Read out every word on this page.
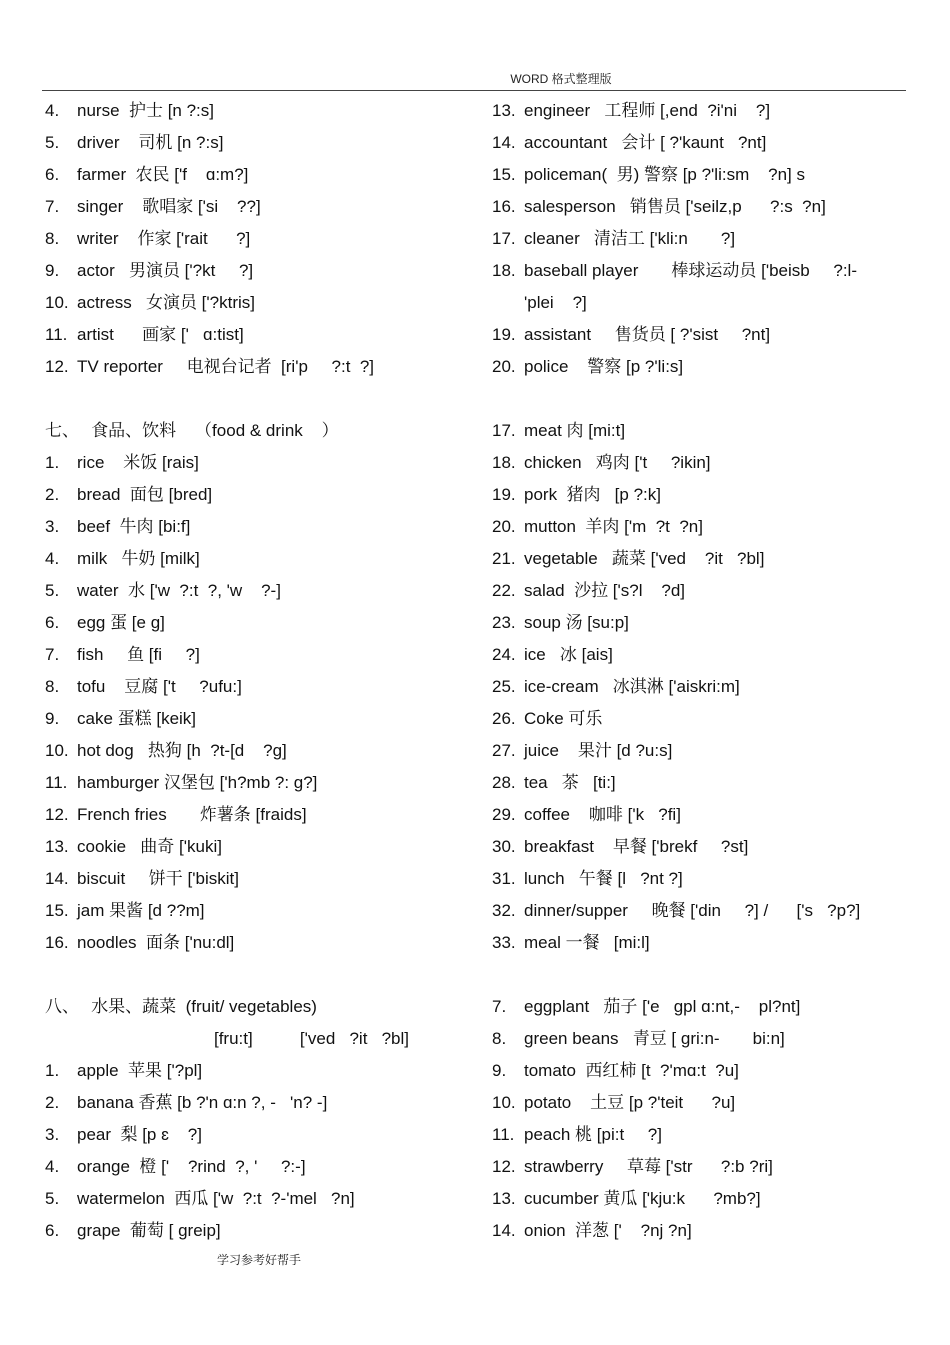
WORD 格式整理版
4. nurse  护士 [n ?:s]
5. driver    司机 [n ?:s]
6. farmer  农民 ['f    ɑ:m?]
7. singer    歌唱家 ['si    ??]
8. writer    作家 ['rait      ?]
9. actor   男演员 ['?kt     ?]
10. actress   女演员 ['?ktris]
11. artist      画家 ['   ɑ:tist]
12. TV reporter     电视台记者  [ri'p     ?:t  ?]
七、   食品、饮料    （food & drink    ）
1. rice    米饭 [rais]
2. bread  面包 [bred]
3. beef  牛肉 [bi:f]
4. milk   牛奶 [milk]
5. water  水 ['w  ?:t  ?, 'w    ?-]
6. egg 蛋 [e ɡ]
7. fish     鱼 [fi     ?]
8. tofu    豆腐 ['t     ?ufu:]
9. cake 蛋糕 [keik]
10. hot dog   热狗 [h  ?t-[d    ?ɡ]
11. hamburger 汉堡包 ['h?mb ?: ɡ?]
12. French fries       炸薯条 [fraids]
13. cookie   曲奇 ['kuki]
14. biscuit     饼干 ['biskit]
15. jam 果酱 [d ??m]
16. noodles  面条 ['nu:dl]
八、   水果、蔬菜  (fruit/ vegetables)
[fru:t]          ['ved   ?it   ?bl]
1. apple  苹果 ['?pl]
2. banana 香蕉 [b ?'n ɑ:n ?, -   'n? -]
3. pear  梨 [p ɛ    ?]
4. orange  橙 ['    ?rind  ?, '     ?:-]
5. watermelon  西瓜 ['w  ?:t  ?-'mel   ?n]
6. grape  葡萄 [ ɡreip]
13. engineer   工程师 [,end  ?i'ni    ?]
14. accountant   会计 [ ?'kaunt   ?nt]
15. policeman(  男) 警察 [p ?'li:sm    ?n] s
16. salesperson   销售员 ['seilz,p      ?:s  ?n]
17. cleaner   清洁工 ['kli:n       ?]
18. baseball player       棒球运动员 ['beisb     ?:l-
'plei    ?]
19. assistant     售货员 [ ?'sist     ?nt]
20. police    警察 [p ?'li:s]
17. meat 肉 [mi:t]
18. chicken   鸡肉 ['t     ?ikin]
19. pork  猪肉   [p ?:k]
20. mutton  羊肉 ['m  ?t  ?n]
21. vegetable   蔬菜 ['ved    ?it   ?bl]
22. salad  沙拉 ['s?l    ?d]
23. soup 汤 [su:p]
24. ice   冰 [ais]
25. ice-cream   冰淇淋 ['aiskri:m]
26. Coke 可乐
27. juice    果汁 [d ?u:s]
28. tea   茶   [ti:]
29. coffee    咖啡 ['k   ?fi]
30. breakfast    早餐 ['brekf     ?st]
31. lunch   午餐 [l   ?nt ?]
32. dinner/supper     晚餐 ['din     ?] /      ['s   ?p?]
33. meal 一餐   [mi:l]
7. eggplant   茄子 ['e   ɡpl ɑ:nt,-    pl?nt]
8. green beans   青豆 [ ɡri:n-       bi:n]
9. tomato  西红柿 [t  ?'mɑ:t  ?u]
10. potato    土豆 [p ?'teit      ?u]
11. peach 桃 [pi:t     ?]
12. strawberry     草莓 ['str      ?:b ?ri]
13. cucumber 黄瓜 ['kju:k      ?mb?]
14. onion  洋葱 ['    ?nj ?n]
学习参考好帮手
